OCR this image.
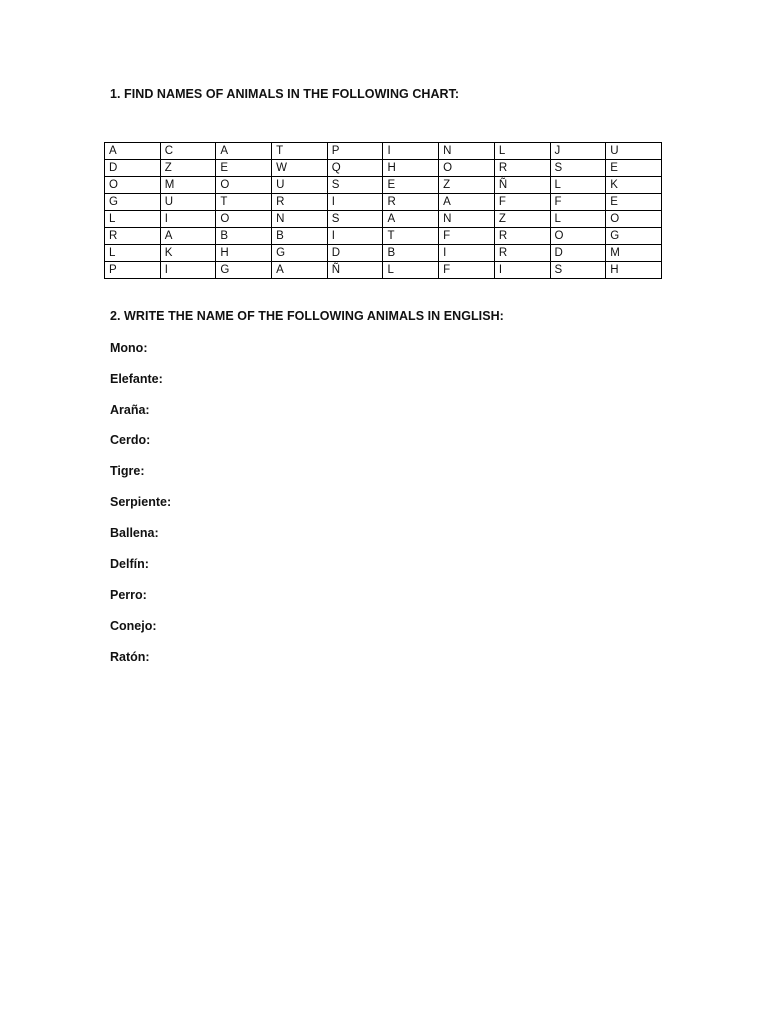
1. FIND NAMES OF ANIMALS IN THE FOLLOWING CHART:
A	C	A	T	P	I	N	L	J	U
D	Z	E	W	Q	H	O	R	S	E
O	M	O	U	S	E	Z	Ñ	L	K
G	U	T	R	I	R	A	F	F	E
L	I	O	N	S	A	N	Z	L	O
R	A	B	B	I	T	F	R	O	G
L	K	H	G	D	B	I	R	D	M
P	I	G	A	Ñ	L	F	I	S	H
2. WRITE THE NAME OF THE FOLLOWING ANIMALS IN ENGLISH:
Mono:
Elefante:
Araña:
Cerdo:
Tigre:
Serpiente:
Ballena:
Delfín:
Perro:
Conejo:
Ratón:
